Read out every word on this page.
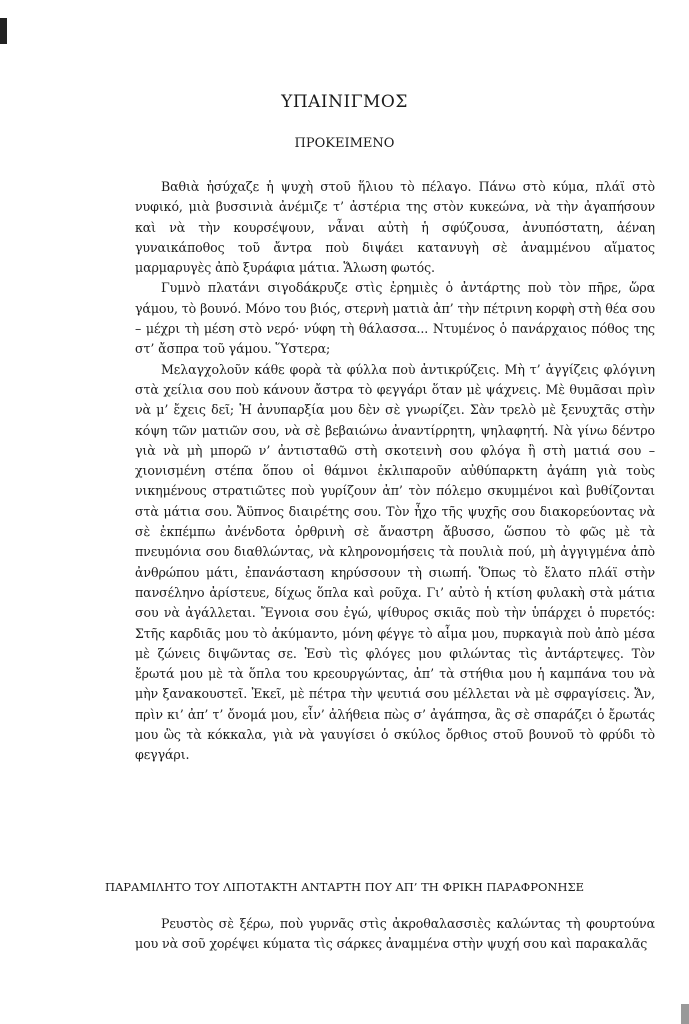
ΥΠΑΙΝΙΓΜΟΣ
ΠΡΟΚΕΙΜΕΝΟ

Βαθιὰ ἡσύχαζε ἡ ψυχὴ στοῦ ἥλιου τὸ πέλαγο. Πάνω στὸ κύμα, πλάϊ στὸ νυφικό, μιὰ βυσσινιὰ ἀνέμιζε τ’ ἀστέρια της στὸν κυκεώνα, νὰ τὴν ἀγαπήσουν καὶ νὰ τὴν κουρσέψουν, νἆναι αὐτὴ ἡ σφύζουσα, ἀνυπόστατη, ἀέναη γυναικάποθος τοῦ ἄντρα ποὺ διψάει κατανυγὴ σὲ ἀναμμένου αἵματος μαρμαρυγὲς ἀπὸ ξυράφια μάτια. Ἅλωση φωτός.

Γυμνὸ πλατάνι σιγοδάκρυζε στὶς ἐρημιὲς ὁ ἀντάρτης ποὺ τὸν πῆρε, ὥρα γάμου, τὸ βουνό. Μόνο του βιός, στερνὴ ματιὰ ἀπ’ τὴν πέτρινη κορφὴ στὴ θέα σου – μέχρι τὴ μέση στὸ νερό· νύφη τὴ θάλασσα... Ντυμένος ὁ πανάρχαιος πόθος της στ’ ἄσπρα τοῦ γάμου. Ὕστερα;

Μελαγχολοῦν κάθε φορὰ τὰ φύλλα ποὺ ἀντικρύζεις. Μὴ τ’ ἀγγίζεις φλόγινη στὰ χείλια σου ποὺ κάνουν ἄστρα τὸ φεγγάρι ὅταν μὲ ψάχνεις. Μὲ θυμᾶσαι πρὶν νὰ μ’ ἔχεις δεῖ; Ἡ ἀνυπαρξία μου δὲν σὲ γνωρίζει. Σὰν τρελὸ μὲ ξενυχτᾶς στὴν κόψη τῶν ματιῶν σου, νὰ σὲ βεβαιώνω ἀναντίρρητη, ψηλαφητή. Νὰ γίνω δέντρο γιὰ νὰ μὴ μπορῶ ν’ ἀντισταθῶ στὴ σκοτεινὴ σου φλόγα ἢ στὴ ματιά σου – χιονισμένη στέπα ὅπου οἱ θάμνοι ἐκλιπαροῦν αὐθύπαρκτη ἀγάπη γιὰ τοὺς νικημένους στρατιῶτες ποὺ γυρίζουν ἀπ’ τὸν πόλεμο σκυμμένοι καὶ βυθίζονται στὰ μάτια σου. Ἄϋπνος διαιρέτης σου. Τὸν ἦχο τῆς ψυχῆς σου διακορεύοντας νὰ σὲ ἐκπέμπω ἀνένδοτα ὀρθρινὴ σὲ ἄναστρη ἄβυσσο, ὥσπου τὸ φῶς μὲ τὰ πνευμόνια σου διαθλώντας, νὰ κληρονομήσεις τὰ πουλιὰ πού, μὴ ἀγγιγμένα ἀπὸ ἀνθρώπου μάτι, ἐπανάσταση κηρύσσουν τὴ σιωπή. Ὅπως τὸ ἔλατο πλάϊ στὴν πανσέληνο ἀρίστευε, δίχως ὅπλα καὶ ροῦχα. Γι’ αὐτὸ ἡ κτίση φυλακὴ στὰ μάτια σου νὰ ἀγάλλεται. Ἔγνοια σου ἐγώ, ψίθυρος σκιᾶς ποὺ τὴν ὑπάρχει ὁ πυρετός: Στῆς καρδιᾶς μου τὸ ἀκύμαντο, μόνη φέγγε τὸ αἷμα μου, πυρκαγιὰ ποὺ ἀπὸ μέσα μὲ ζώνεις διψῶντας σε. Ἐσὺ τὶς φλόγες μου φιλώντας τὶς ἀντάρτεψες. Τὸν ἔρωτά μου μὲ τὰ ὅπλα του κρεουργώντας, ἀπ’ τὰ στήθια μου ἡ καμπάνα του νὰ μὴν ξανακουστεῖ. Ἐκεῖ, μὲ πέτρα τὴν ψευτιά σου μέλλεται νὰ μὲ σφραγίσεις. Ἄν, πρὶν κι’ ἀπ’ τ’ ὄνομά μου, εἶν’ ἀλήθεια πὼς σ’ ἀγάπησα, ἂς σὲ σπαράζει ὁ ἔρωτάς μου ὣς τὰ κόκκαλα, γιὰ νὰ γαυγίσει ὁ σκύλος ὄρθιος στοῦ βουνοῦ τὸ φρύδι τὸ φεγγάρι.

ΠΑΡΑΜΙΛΗΤΟ ΤΟΥ ΛΙΠΟΤΑΚΤΗ ΑΝΤΑΡΤΗ ΠΟΥ ΑΠ’ ΤΗ ΦΡΙΚΗ ΠΑΡΑΦΡΟΝΗΣΕ

Ρευστὸς σὲ ξέρω, ποὺ γυρνᾶς στὶς ἀκροθαλασσιὲς καλώντας τὴ φουρτούνα μου νὰ σοῦ χορέψει κύματα τὶς σάρκες ἀναμμένα στὴν ψυχή σου καὶ παρακαλᾶς
